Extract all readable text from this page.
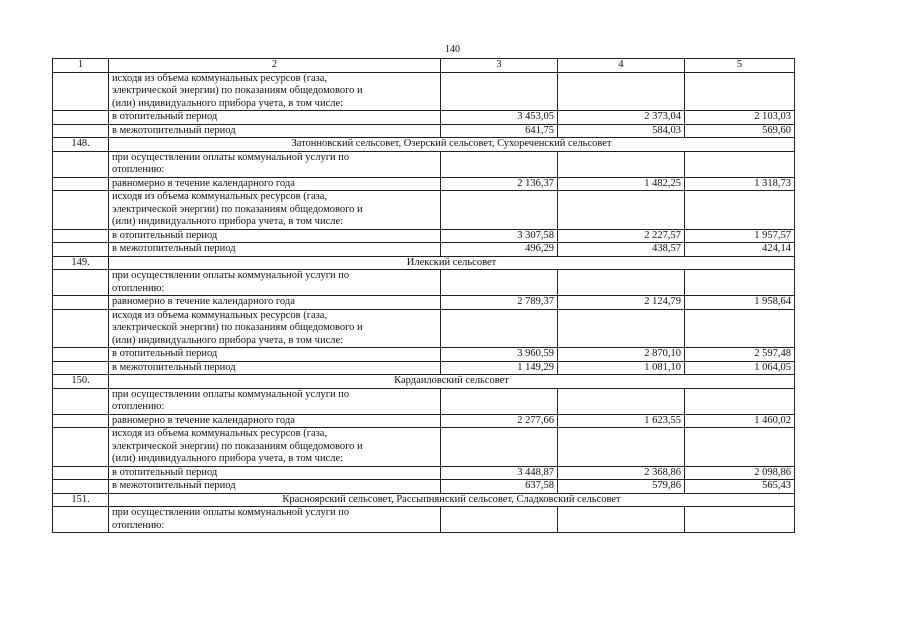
140
1	2	3	4	5

	исходя из объема коммунальных ресурсов (газа,
электрической энергии) по показаниям общедомового и
(или) индивидуального прибора учета, в том числе:			

	в отопительный период	3 453,05	2 373,04	2 103,03
	в межотопительный период	641,75	584,03	569,60
148.	Затонновский сельсовет, Озерский сельсовет, Сухореченский сельсовет			

	при осуществлении оплаты коммунальной услуги по
отоплению:			

	равномерно в течение календарного года	2 136,37	1 482,25	1 318,73

	исходя из объема коммунальных ресурсов (газа,
электрической энергии) по показаниям общедомового и
(или) индивидуального прибора учета, в том числе:			

	в отопительный период	3 307,58	2 227,57	1 957,57
	в межотопительный период	496,29	438,57	424,14
149.	Илекский сельсовет			

	при осуществлении оплаты коммунальной услуги по
отоплению:			

	равномерно в течение календарного года	2 789,37	2 124,79	1 958,64

	исходя из объема коммунальных ресурсов (газа,
электрической энергии) по показаниям общедомового и
(или) индивидуального прибора учета, в том числе:			

	в отопительный период	3 960,59	2 870,10	2 597,48
	в межотопительный период	1 149,29	1 081,10	1 064,05
150.	Кардаиловский сельсовет			

	при осуществлении оплаты коммунальной услуги по
отоплению:			

	равномерно в течение календарного года	2 277,66	1 623,55	1 460,02

	исходя из объема коммунальных ресурсов (газа,
электрической энергии) по показаниям общедомового и
(или) индивидуального прибора учета, в том числе:			

	в отопительный период	3 448,87	2 368,86	2 098,86
	в межотопительный период	637,58	579,86	565,43
151.	Красноярский сельсовет, Рассыпнянский сельсовет, Сладковский сельсовет			

	при осуществлении оплаты коммунальной услуги по
отоплению:			
